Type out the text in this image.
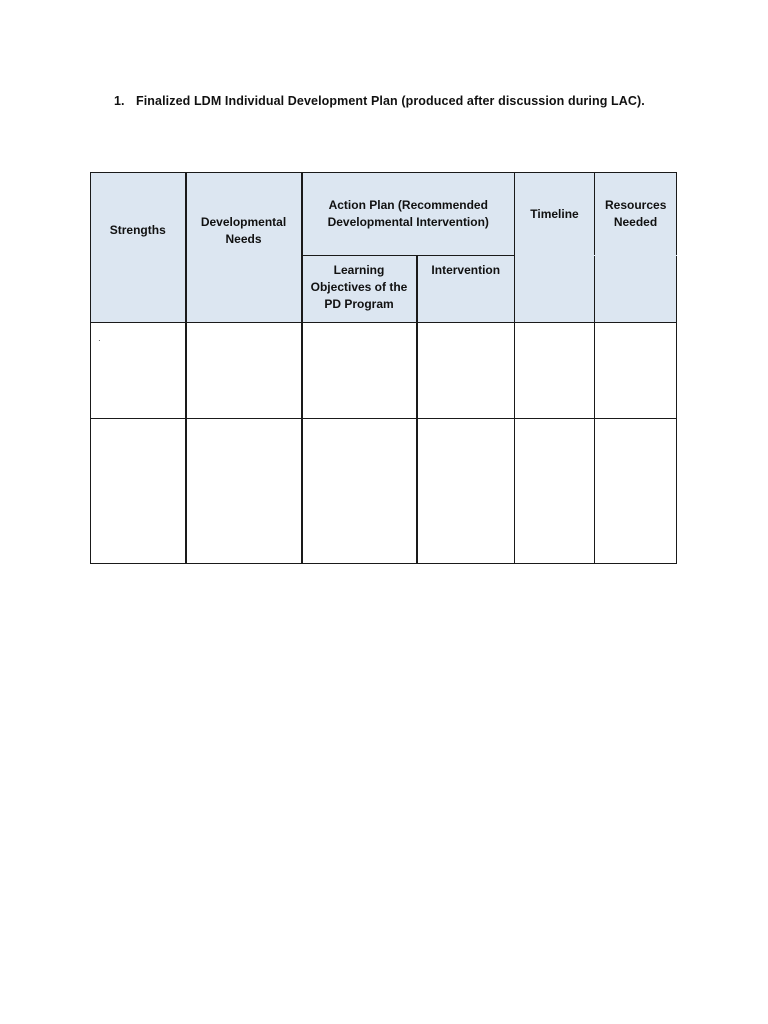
1. Finalized LDM Individual Development Plan (produced after discussion during LAC).
Strengths	Developmental Needs	Action Plan (Recommended Developmental Intervention)		Timeline	Resources Needed
		Learning Objectives of the PD Program	Intervention		

·
